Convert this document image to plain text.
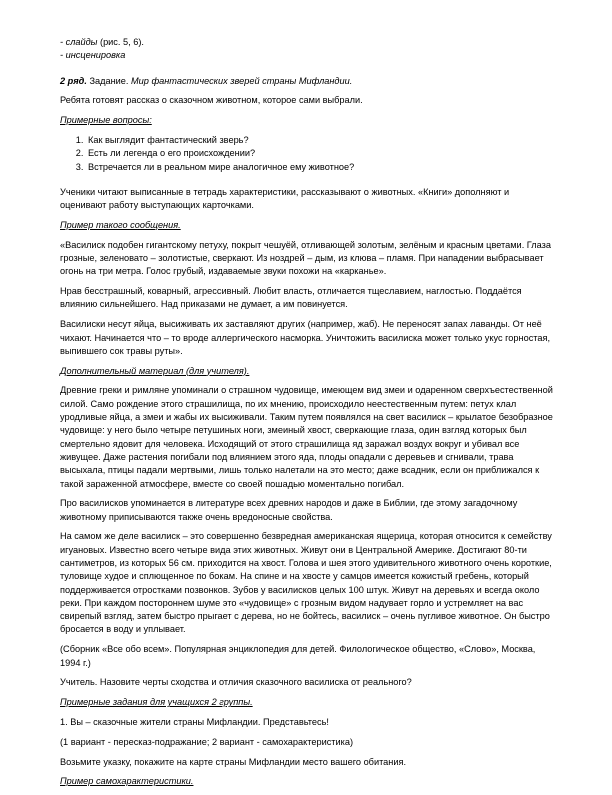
- слайды (рис. 5, 6).

- инсценировка

2 ряд. Задание. Мир фантастических зверей страны Мифландии.

Ребята готовят рассказ о сказочном животном, которое сами выбрали.

Примерные вопросы:

1. Как выглядит фантастический зверь?
2. Есть ли легенда о его происхождении?
3. Встречается ли в реальном мире аналогичное ему животное?

Ученики читают выписанные в тетрадь характеристики, рассказывают о животных. «Книги» дополняют и оценивают работу выступающих карточками.

Пример такого сообщения.

«Василиск подобен гигантскому петуху, покрыт чешуёй, отливающей золотым, зелёным и красным цветами. Глаза грозные, зеленовато – золотистые, сверкают. Из ноздрей – дым, из клюва – пламя. При нападении выбрасывает огонь на три метра. Голос грубый, издаваемые звуки похожи на «карканье».

Нрав бесстрашный, коварный, агрессивный. Любит власть, отличается тщеславием, наглостью. Поддаётся влиянию сильнейшего. Над приказами не думает, а им повинуется.

Василиски несут яйца, высиживать их заставляют других (например, жаб). Не переносят запах лаванды. От неё чихают. Начинается что – то вроде аллергического насморка. Уничтожить василиска может только укус горностая, выпившего сок травы руты».

Дополнительный материал (для учителя).

Древние греки и римляне упоминали о страшном чудовище, имеющем вид змеи и одаренном сверхъестественной силой. Само рождение этого страшилища, по их мнению, происходило неестественным путем: петух клал уродливые яйца, а змеи и жабы их высиживали. Таким путем появлялся на свет василиск – крылатое безобразное чудовище: у него было четыре петушиных ноги, змеиный хвост, сверкающие глаза, один взгляд которых был смертельно ядовит для человека. Исходящий от этого страшилища яд заражал воздух вокруг и убивал все живущее. Даже растения погибали под влиянием этого яда, плоды опадали с деревьев и сгнивали, трава высыхала, птицы падали мертвыми, лишь только налетали на это место; даже всадник, если он приближался к такой зараженной атмосфере, вместе со своей пошадью моментально погибал.

Про василисков упоминается в литературе всех древних народов и даже в Библии, где этому загадочному животному приписываются также очень вредоносные свойства.

На самом же деле василиск – это совершенно безвредная американская ящерица, которая относится к семейству игуановых. Известно всего четыре вида этих животных. Живут они в Центральной Америке. Достигают 80-ти сантиметров, из которых 56 см. приходится на хвост. Голова и шея этого удивительного животного очень короткие, туловище худое и сплющенное по бокам. На спине и на хвосте у самцов имеется кожистый гребень, который поддерживается отростками позвонков. Зубов у василисков целых 100 штук. Живут на деревьях и всегда около реки. При каждом постороннем шуме это «чудовище» с грозным видом надувает горло и устремляет на вас свирепый взгляд, затем быстро прыгает с дерева, но не бойтесь, василиск – очень пугливое животное. Он быстро бросается в воду и уплывает.

(Сборник «Все обо всем». Популярная энциклопедия для детей. Филологическое общество, «Слово», Москва, 1994 г.)

Учитель. Назовите черты сходства и отличия сказочного василиска от реального?

Примерные задания для учащихся 2 группы.

1. Вы – сказочные жители страны Мифландии. Представьтесь!

(1 вариант - пересказ-подражание; 2 вариант - самохарактеристика)

Возьмите указку, покажите на карте страны Мифландии место вашего обитания.

Пример самохарактеристики.
